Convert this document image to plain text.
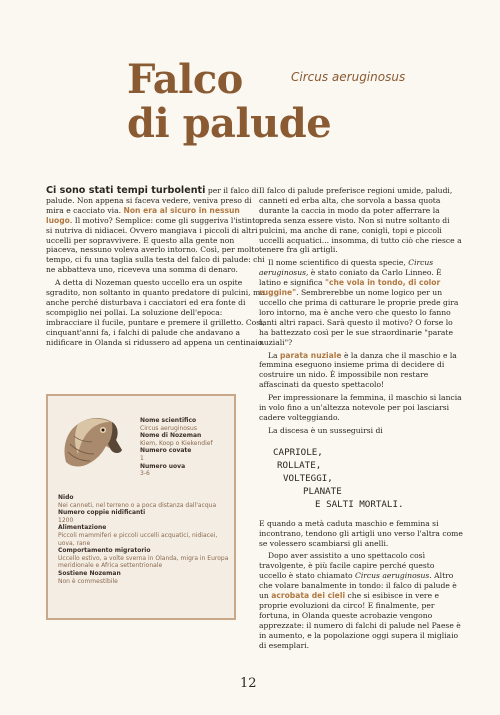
Falco
di palude
Circus aeruginosus

Ci sono stati tempi turbolenti per il falco di palude. Non appena si faceva vedere, veniva preso di mira e cacciato via. Non era al sicuro in nessun luogo. Il motivo? Semplice: come gli suggeriva l'istinto, si nutriva di nidiacei. Ovvero mangiava i piccoli di altri uccelli per sopravvivere. E questo alla gente non piaceva, nessuno voleva averlo intorno. Così, per molto tempo, ci fu una taglia sulla testa del falco di palude: chi ne abbatteva uno, riceveva una somma di denaro.

A detta di Nozeman questo uccello era un ospite sgradito, non soltanto in quanto predatore di pulcini, ma anche perché disturbava i cacciatori ed era fonte di scompiglio nei pollai. La soluzione dell'epoca: imbracciare il fucile, puntare e premere il grilletto. Così, cinquant'anni fa, i falchi di palude che andavano a nidificare in Olanda si ridussero ad appena un centinaio.

Nome scientifico
Circus aeruginosus
Nome di Nozeman
Kiem, Koop o Kiekendief
Numero covate
1
Numero uova
3-6
Nido
Nei canneti, nel terreno o a poca distanza dall'acqua
Numero coppie nidificanti
1200
Alimentazione
Piccoli mammiferi e piccoli uccelli acquatici, nidiacei, uova, rane
Comportamento migratorio
Uccello estivo, a volte sverna in Olanda, migra in Europa meridionale e Africa settentrionale
Sostiene Nozeman
Non è commestibile

Il falco di palude preferisce regioni umide, paludi, canneti ed erba alta, che sorvola a bassa quota durante la caccia in modo da poter afferrare la preda senza essere visto. Non si nutre soltanto di pulcini, ma anche di rane, conigli, topi e piccoli uccelli acquatici... insomma, di tutto ciò che riesce a tenere fra gli artigli.

Il nome scientifico di questa specie, Circus aeruginosus, è stato coniato da Carlo Linneo. È latino e significa "che vola in tondo, di color ruggine". Sembrerebbe un nome logico per un uccello che prima di catturare le proprie prede gira loro intorno, ma è anche vero che questo lo fanno tanti altri rapaci. Sarà questo il motivo? O forse lo ha battezzato così per le sue straordinarie "parate nuziali"?

La parata nuziale è la danza che il maschio e la femmina eseguono insieme prima di decidere di costruire un nido. È impossibile non restare affascinati da questo spettacolo!

Per impressionare la femmina, il maschio si lancia in volo fino a un'altezza notevole per poi lasciarsi cadere volteggiando.

La discesa è un susseguirsi di

CAPRIOLE,
ROLLATE,
VOLTEGGI,
PLANATE
E SALTI MORTALI.

E quando a metà caduta maschio e femmina si incontrano, tendono gli artigli uno verso l'altra come se volessero scambiarsi gli anelli.

Dopo aver assistito a uno spettacolo così travolgente, è più facile capire perché questo uccello è stato chiamato Circus aeruginosus. Altro che volare banalmente in tondo: il falco di palude è un acrobata dei cieli che si esibisce in vere e proprie evoluzioni da circo! E finalmente, per fortuna, in Olanda queste acrobazie vengono apprezzate: il numero di falchi di palude nel Paese è in aumento, e la popolazione oggi supera il migliaio di esemplari.

12
